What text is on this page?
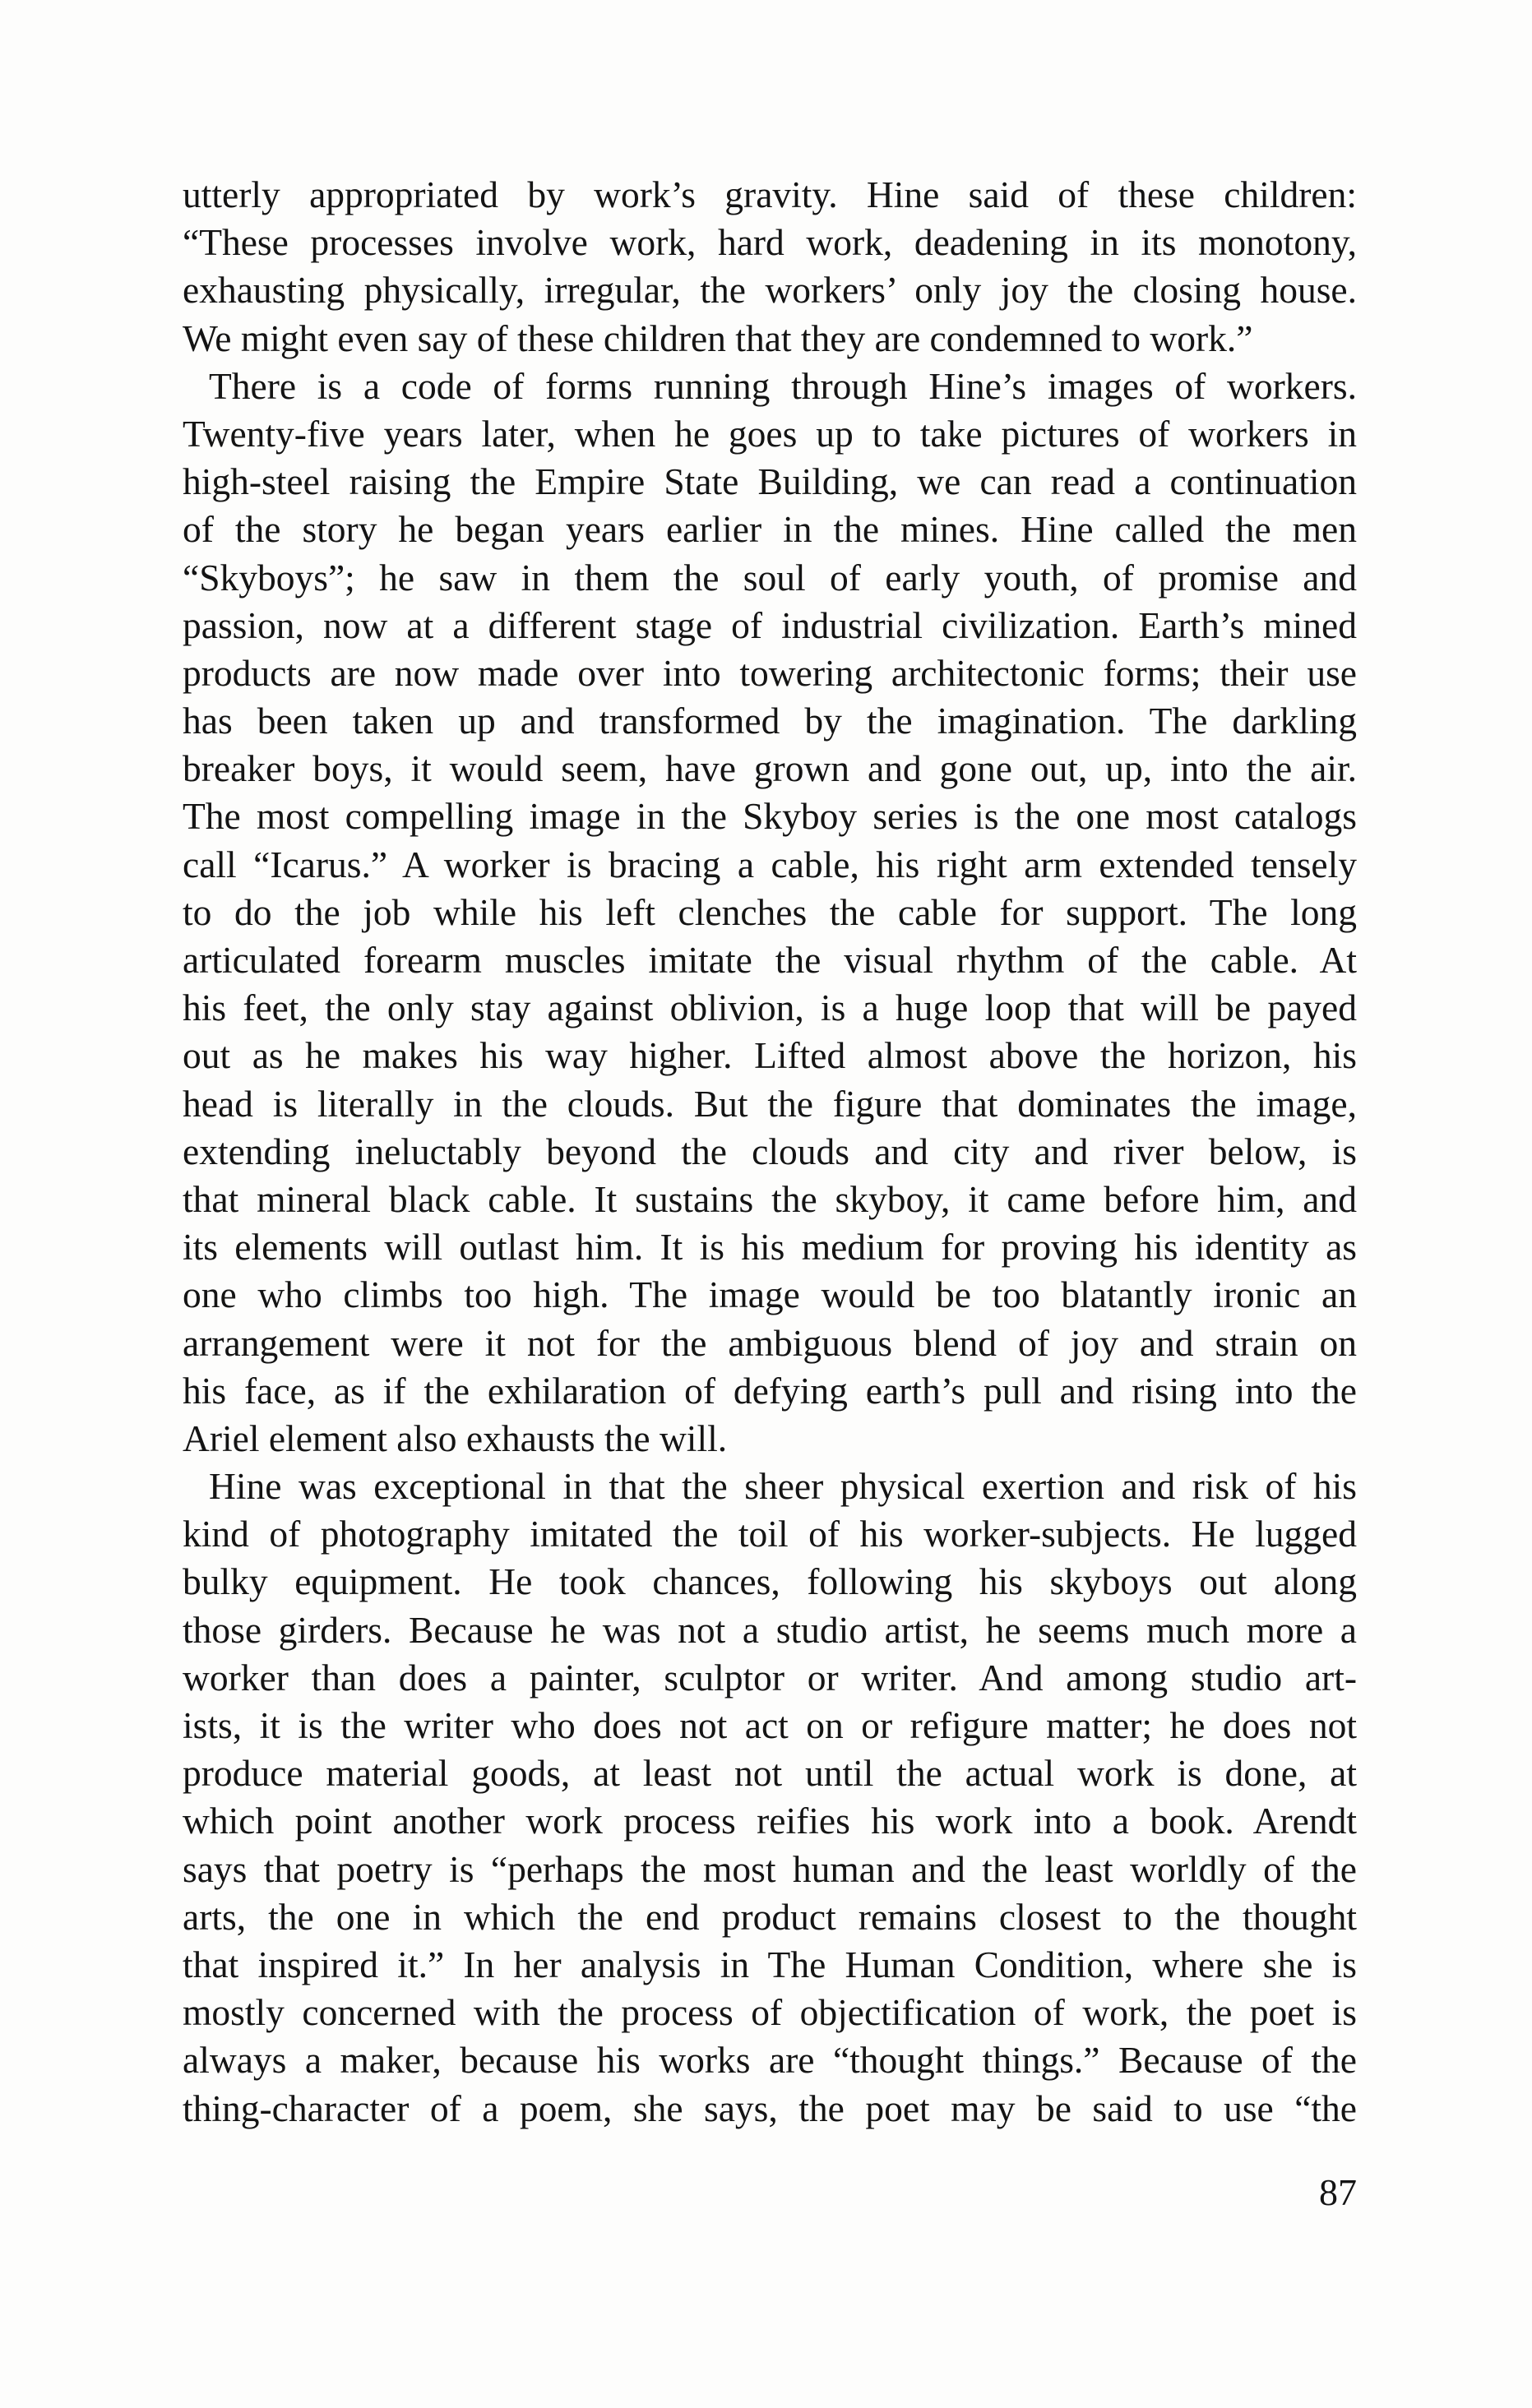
utterly appropriated by work’s gravity. Hine said of these children:
“These processes involve work, hard work, deadening in its monotony,
exhausting physically, irregular, the workers’ only joy the closing house.
We might even say of these children that they are condemned to work.”
There is a code of forms running through Hine’s images of workers.
Twenty-five years later, when he goes up to take pictures of workers in
high-steel raising the Empire State Building, we can read a continuation
of the story he began years earlier in the mines. Hine called the men
“Skyboys”; he saw in them the soul of early youth, of promise and
passion, now at a different stage of industrial civilization. Earth’s mined
products are now made over into towering architectonic forms; their use
has been taken up and transformed by the imagination. The darkling
breaker boys, it would seem, have grown and gone out, up, into the air.
The most compelling image in the Skyboy series is the one most catalogs
call “Icarus.” A worker is bracing a cable, his right arm extended tensely
to do the job while his left clenches the cable for support. The long
articulated forearm muscles imitate the visual rhythm of the cable. At
his feet, the only stay against oblivion, is a huge loop that will be payed
out as he makes his way higher. Lifted almost above the horizon, his
head is literally in the clouds. But the figure that dominates the image,
extending ineluctably beyond the clouds and city and river below, is
that mineral black cable. It sustains the skyboy, it came before him, and
its elements will outlast him. It is his medium for proving his identity as
one who climbs too high. The image would be too blatantly ironic an
arrangement were it not for the ambiguous blend of joy and strain on
his face, as if the exhilaration of defying earth’s pull and rising into the
Ariel element also exhausts the will.
Hine was exceptional in that the sheer physical exertion and risk of his
kind of photography imitated the toil of his worker-subjects. He lugged
bulky equipment. He took chances, following his skyboys out along
those girders. Because he was not a studio artist, he seems much more a
worker than does a painter, sculptor or writer. And among studio art-
ists, it is the writer who does not act on or refigure matter; he does not
produce material goods, at least not until the actual work is done, at
which point another work process reifies his work into a book. Arendt
says that poetry is “perhaps the most human and the least worldly of the
arts, the one in which the end product remains closest to the thought
that inspired it.” In her analysis in The Human Condition, where she is
mostly concerned with the process of objectification of work, the poet is
always a maker, because his works are “thought things.” Because of the
thing-character of a poem, she says, the poet may be said to use “the
87
